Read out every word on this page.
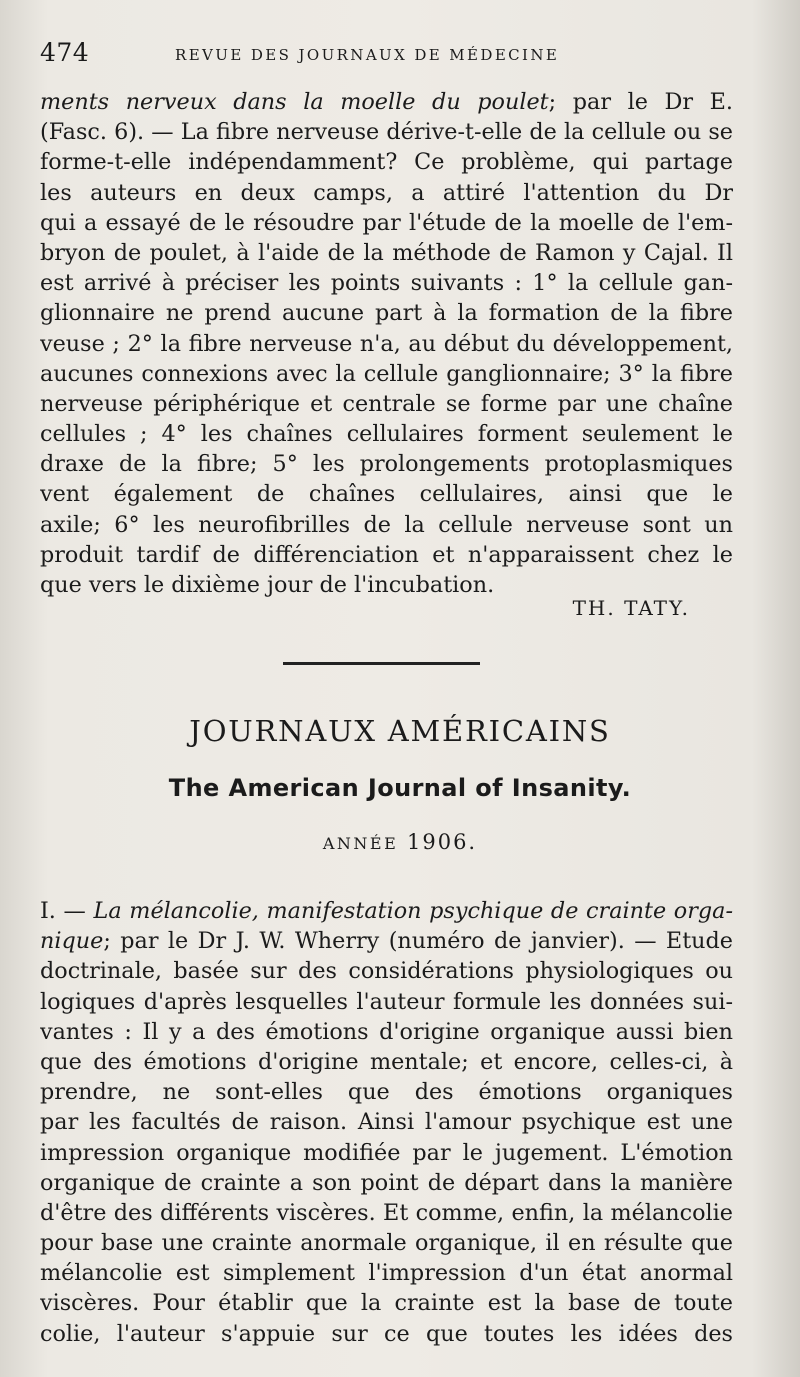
474	REVUE DES JOURNAUX DE MÉDECINE
ments nerveux dans la moelle du poulet; par le Dr E.
(Fasc. 6). — La fibre nerveuse dérive-t-elle de la cellule ou se
forme-t-elle indépendamment? Ce problème, qui partage
les auteurs en deux camps, a attiré l'attention du Dr
qui a essayé de le résoudre par l'étude de la moelle de l'em-
bryon de poulet, à l'aide de la méthode de Ramon y Cajal. Il
est arrivé à préciser les points suivants : 1° la cellule gan-
glionnaire ne prend aucune part à la formation de la fibre
veuse ; 2° la fibre nerveuse n'a, au début du développement,
aucunes connexions avec la cellule ganglionnaire; 3° la fibre
nerveuse périphérique et centrale se forme par une chaîne
cellules ; 4° les chaînes cellulaires forment seulement le
draxe de la fibre; 5° les prolongements protoplasmiques
vent également de chaînes cellulaires, ainsi que le
axile; 6° les neurofibrilles de la cellule nerveuse sont un
produit tardif de différenciation et n'apparaissent chez le
que vers le dixième jour de l'incubation.
TH. TATY.
JOURNAUX AMÉRICAINS
The American Journal of Insanity.
ANNÉE 1906.
I. — La mélancolie, manifestation psychique de crainte orga-
nique; par le Dr J. W. Wherry (numéro de janvier). — Etude
doctrinale, basée sur des considérations physiologiques ou
logiques d'après lesquelles l'auteur formule les données sui-
vantes : Il y a des émotions d'origine organique aussi bien
que des émotions d'origine mentale; et encore, celles-ci, à
prendre, ne sont-elles que des émotions organiques
par les facultés de raison. Ainsi l'amour psychique est une
impression organique modifiée par le jugement. L'émotion
organique de crainte a son point de départ dans la manière
d'être des différents viscères. Et comme, enfin, la mélancolie
pour base une crainte anormale organique, il en résulte que
mélancolie est simplement l'impression d'un état anormal
viscères. Pour établir que la crainte est la base de toute
colie, l'auteur s'appuie sur ce que toutes les idées des
